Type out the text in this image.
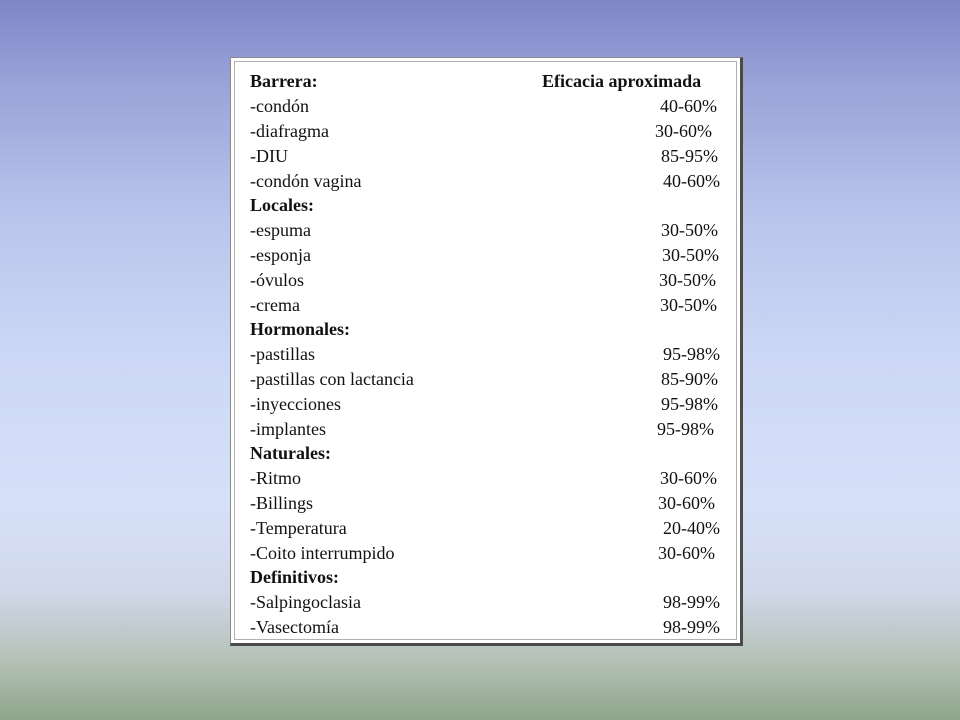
Barrera:	Eficacia aproximada
-condón	40-60%
-diafragma	30-60%
-DIU	85-95%
-condón vagina	40-60%
Locales:
-espuma	30-50%
-esponja	30-50%
-óvulos	30-50%
-crema	30-50%
Hormonales:
-pastillas	95-98%
-pastillas con lactancia	85-90%
-inyecciones	95-98%
-implantes	95-98%
Naturales:
-Ritmo	30-60%
-Billings	30-60%
-Temperatura	20-40%
-Coito interrumpido	30-60%
Definitivos:
-Salpingoclasia	98-99%
-Vasectomía	98-99%
